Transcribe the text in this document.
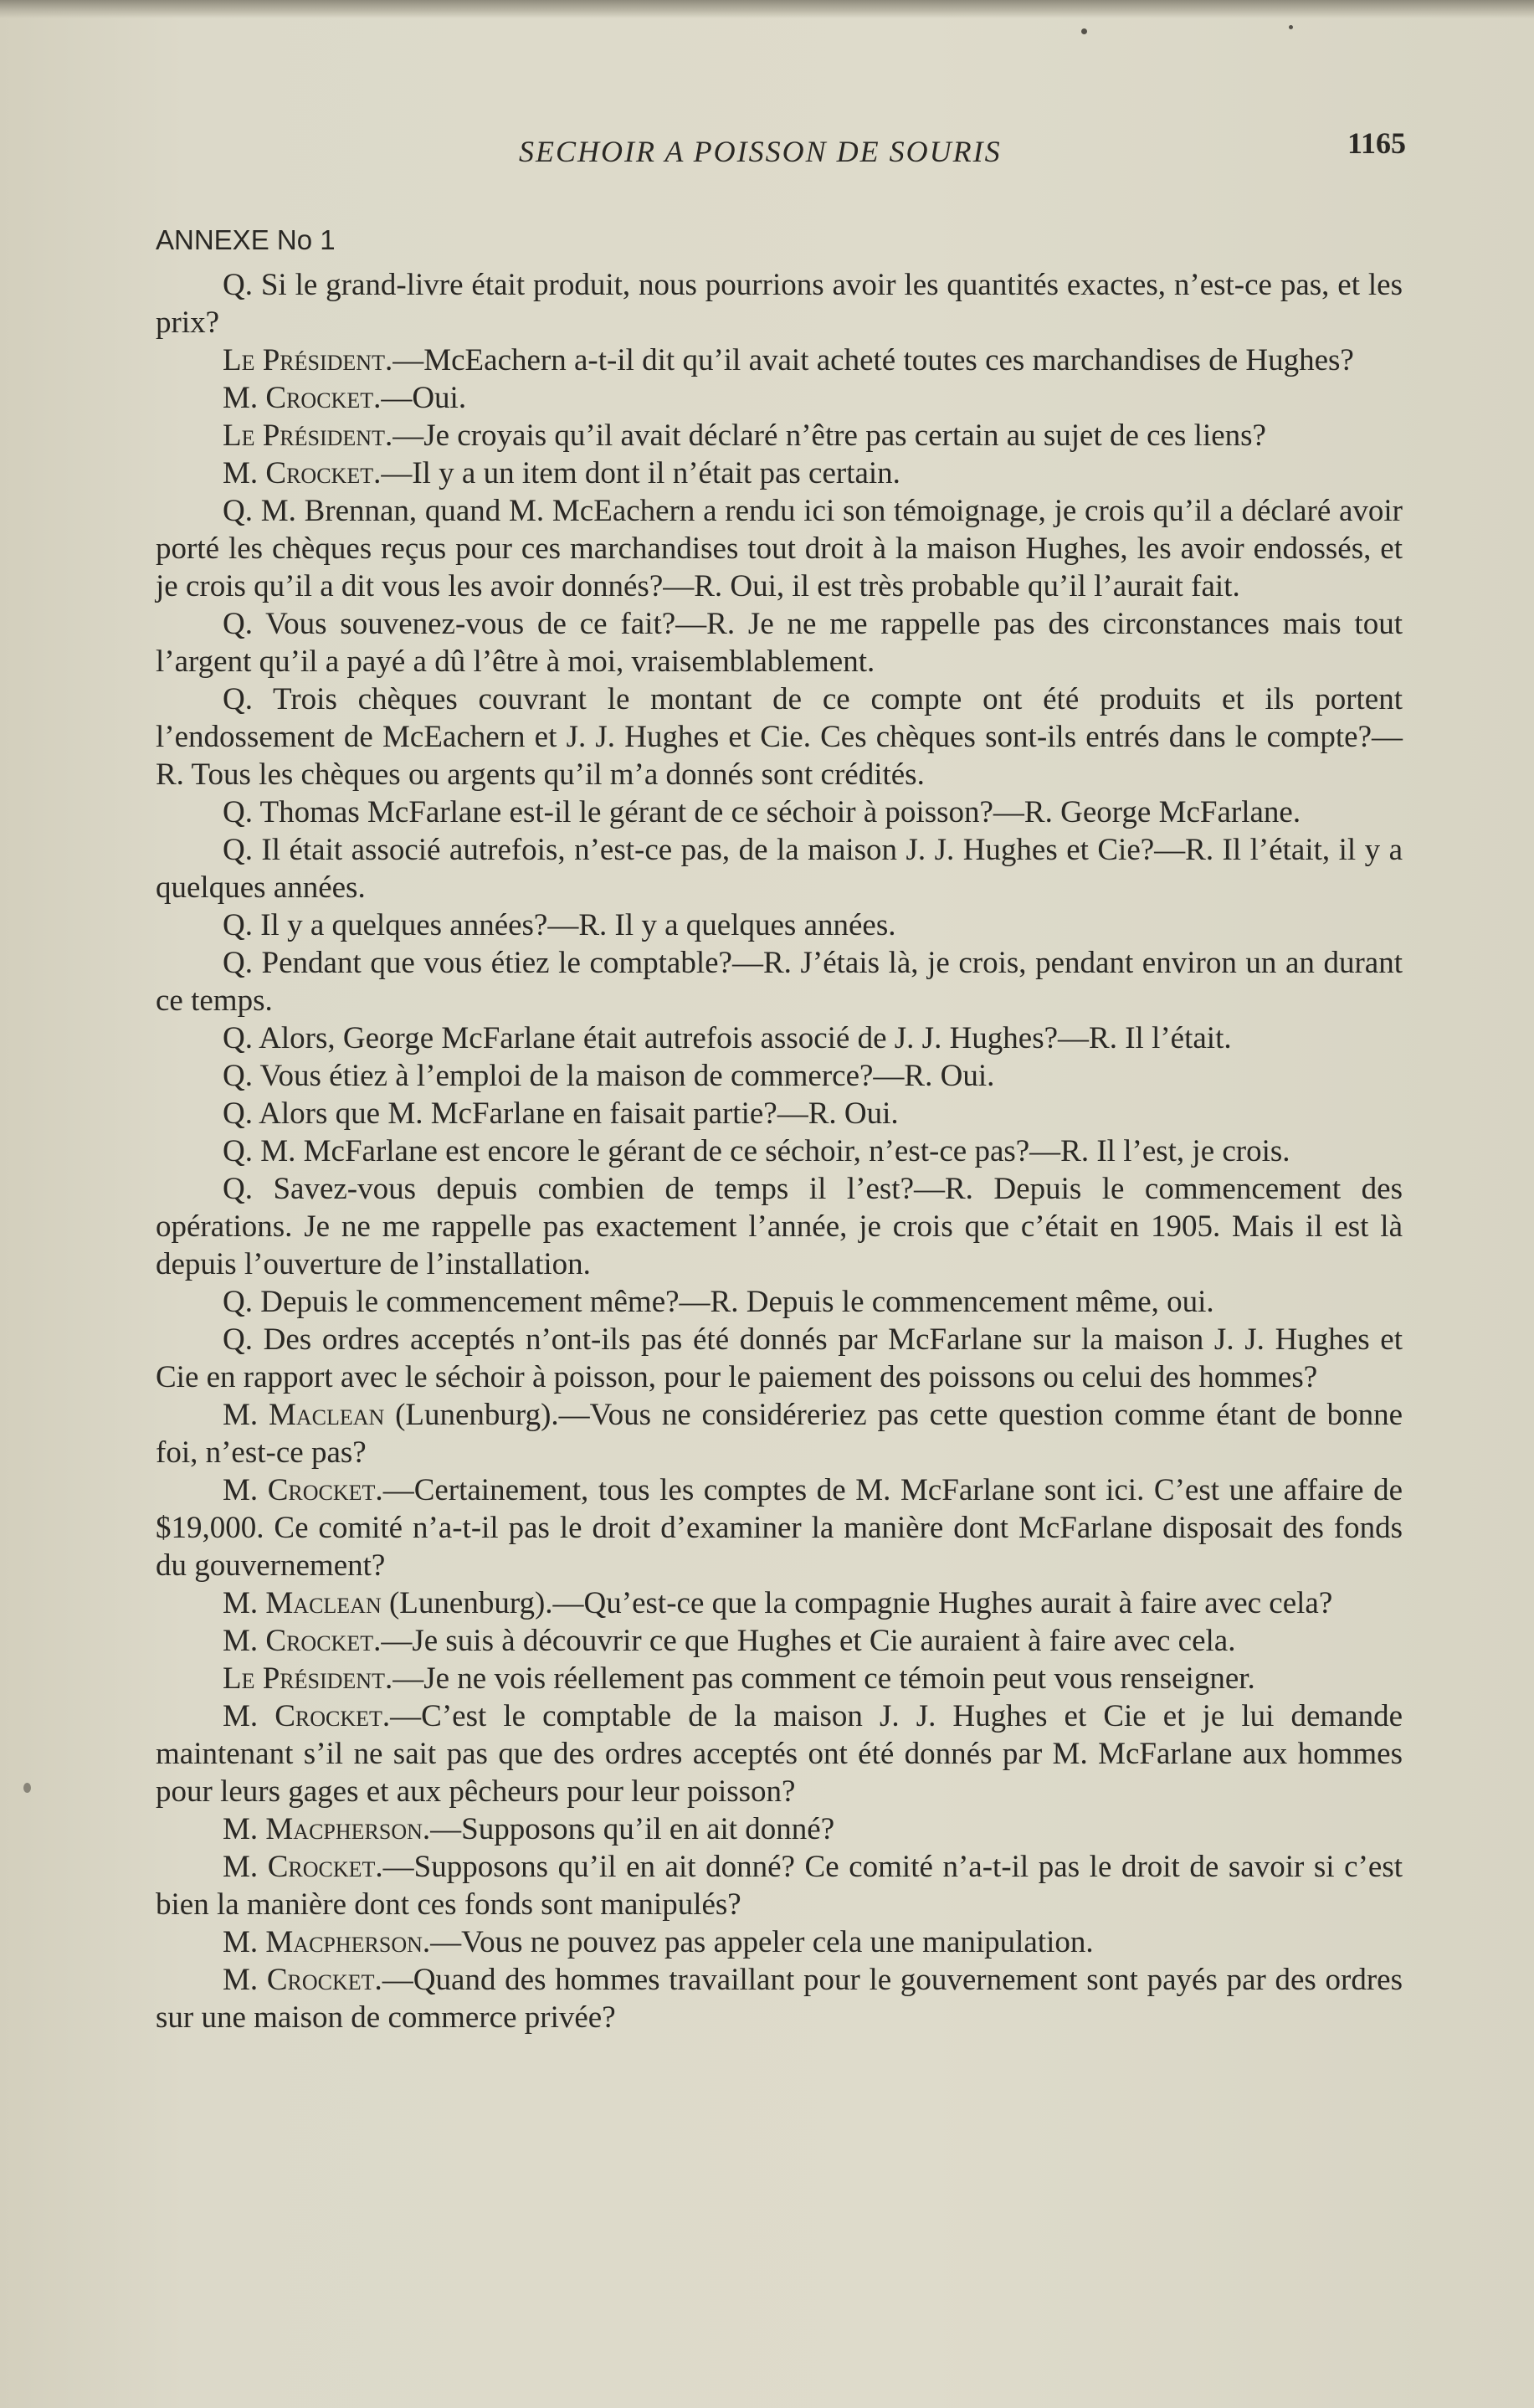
SECHOIR A POISSON DE SOURIS	1165
ANNEXE No 1

Q. Si le grand-livre était produit, nous pourrions avoir les quantités exactes, n’est-ce pas, et les prix?

Le Président.—McEachern a-t-il dit qu’il avait acheté toutes ces marchandises de Hughes?

M. Crocket.—Oui.

Le Président.—Je croyais qu’il avait déclaré n’être pas certain au sujet de ces liens?

M. Crocket.—Il y a un item dont il n’était pas certain.

Q. M. Brennan, quand M. McEachern a rendu ici son témoignage, je crois qu’il a déclaré avoir porté les chèques reçus pour ces marchandises tout droit à la maison Hughes, les avoir endossés, et je crois qu’il a dit vous les avoir donnés?—R. Oui, il est très probable qu’il l’aurait fait.

Q. Vous souvenez-vous de ce fait?—R. Je ne me rappelle pas des circonstances mais tout l’argent qu’il a payé a dû l’être à moi, vraisemblablement.

Q. Trois chèques couvrant le montant de ce compte ont été produits et ils portent l’endossement de McEachern et J. J. Hughes et Cie. Ces chèques sont-ils entrés dans le compte?—R. Tous les chèques ou argents qu’il m’a donnés sont crédités.

Q. Thomas McFarlane est-il le gérant de ce séchoir à poisson?—R. George McFarlane.

Q. Il était associé autrefois, n’est-ce pas, de la maison J. J. Hughes et Cie?—R. Il l’était, il y a quelques années.

Q. Il y a quelques années?—R. Il y a quelques années.

Q. Pendant que vous étiez le comptable?—R. J’étais là, je crois, pendant environ un an durant ce temps.

Q. Alors, George McFarlane était autrefois associé de J. J. Hughes?—R. Il l’était.

Q. Vous étiez à l’emploi de la maison de commerce?—R. Oui.

Q. Alors que M. McFarlane en faisait partie?—R. Oui.

Q. M. McFarlane est encore le gérant de ce séchoir, n’est-ce pas?—R. Il l’est, je crois.

Q. Savez-vous depuis combien de temps il l’est?—R. Depuis le commencement des opérations. Je ne me rappelle pas exactement l’année, je crois que c’était en 1905. Mais il est là depuis l’ouverture de l’installation.

Q. Depuis le commencement même?—R. Depuis le commencement même, oui.

Q. Des ordres acceptés n’ont-ils pas été donnés par McFarlane sur la maison J. J. Hughes et Cie en rapport avec le séchoir à poisson, pour le paiement des poissons ou celui des hommes?

M. Maclean (Lunenburg).—Vous ne considéreriez pas cette question comme étant de bonne foi, n’est-ce pas?

M. Crocket.—Certainement, tous les comptes de M. McFarlane sont ici. C’est une affaire de $19,000. Ce comité n’a-t-il pas le droit d’examiner la manière dont McFarlane disposait des fonds du gouvernement?

M. Maclean (Lunenburg).—Qu’est-ce que la compagnie Hughes aurait à faire avec cela?

M. Crocket.—Je suis à découvrir ce que Hughes et Cie auraient à faire avec cela.

Le Président.—Je ne vois réellement pas comment ce témoin peut vous renseigner.

M. Crocket.—C’est le comptable de la maison J. J. Hughes et Cie et je lui demande maintenant s’il ne sait pas que des ordres acceptés ont été donnés par M. McFarlane aux hommes pour leurs gages et aux pêcheurs pour leur poisson?

M. Macpherson.—Supposons qu’il en ait donné?

M. Crocket.—Supposons qu’il en ait donné? Ce comité n’a-t-il pas le droit de savoir si c’est bien la manière dont ces fonds sont manipulés?

M. Macpherson.—Vous ne pouvez pas appeler cela une manipulation.

M. Crocket.—Quand des hommes travaillant pour le gouvernement sont payés par des ordres sur une maison de commerce privée?
